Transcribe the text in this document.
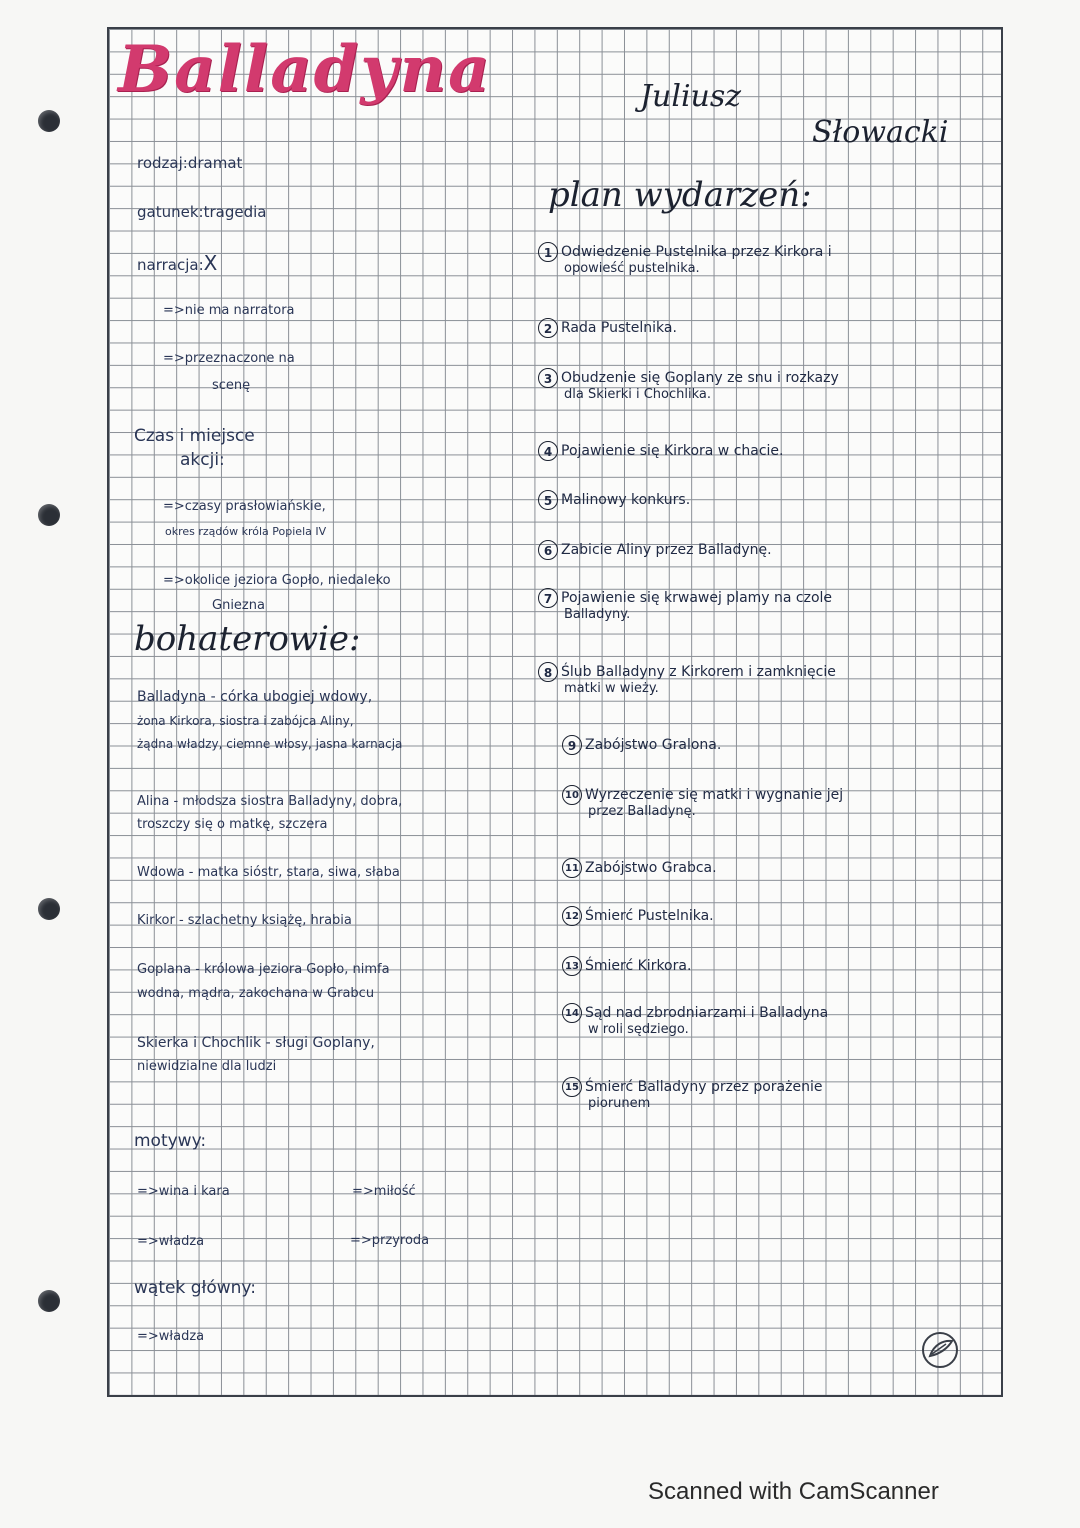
Balladyna	Juliusz
Słowacki
rodzaj:dramat
gatunek:tragedia
narracja:X
=>nie ma narratora
=>przeznaczone na
scenę
Czas i miejsce
akcji:
=>czasy prasłowiańskie,
okres rządów króla Popiela IV
=>okolice jeziora Gopło, niedaleko
Gniezna
bohaterowie:
Balladyna - córka ubogiej wdowy,
żona Kirkora, siostra i zabójca Aliny,
żądna władzy, ciemne włosy, jasna karnacja
Alina - młodsza siostra Balladyny, dobra,
troszczy się o matkę, szczera
Wdowa - matka sióstr, stara, siwa, słaba
Kirkor - szlachetny książę, hrabia
Goplana - królowa jeziora Gopło, nimfa
wodna, mądra, zakochana w Grabcu
Skierka i Chochlik - sługi Goplany,
niewidzialne dla ludzi
motywy:
=>wina i kara	=>miłość
=>władza	=>przyroda
wątek główny:
=>władza
plan wydarzeń:
1 Odwiedzenie Pustelnika przez Kirkora i
opowieść pustelnika.
2 Rada Pustelnika.
3 Obudzenie się Goplany ze snu i rozkazy
dla Skierki i Chochlika.
4 Pojawienie się Kirkora w chacie.
5 Malinowy konkurs.
6 Zabicie Aliny przez Balladynę.
7 Pojawienie się krwawej plamy na czole
Balladyny.
8 Ślub Balladyny z Kirkorem i zamknięcie
matki w wieży.
9 Zabójstwo Gralona.
10 Wyrzeczenie się matki i wygnanie jej
przez Balladynę.
11 Zabójstwo Grabca.
12 Śmierć Pustelnika.
13 Śmierć Kirkora.
14 Sąd nad zbrodniarzami i Balladyna
w roli sędziego.
15 Śmierć Balladyny przez porażenie
piorunem
Scanned with CamScanner
